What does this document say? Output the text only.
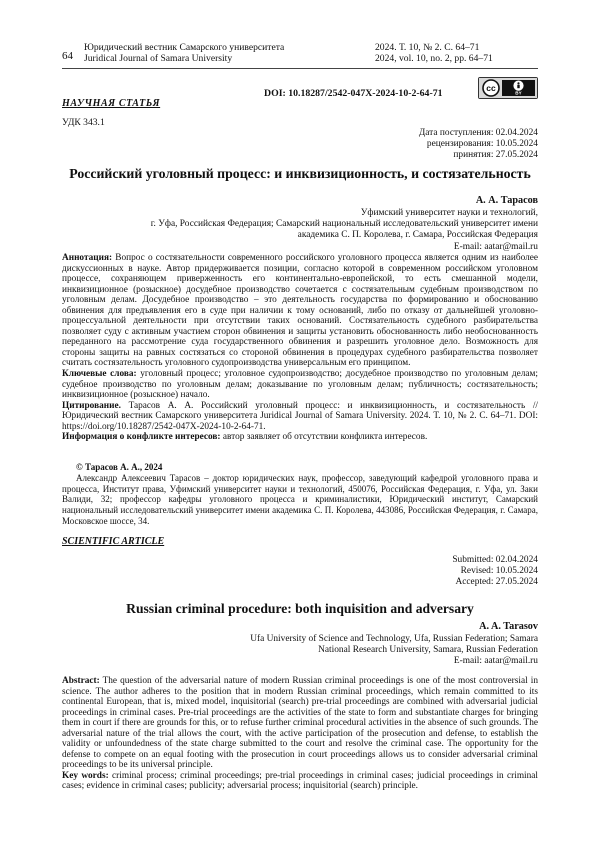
64
Юридический вестник Самарского университета
Juridical Journal of Samara University
2024. Т. 10, № 2. С. 64–71
2024, vol. 10, no. 2, pp. 64–71
НАУЧНАЯ СТАТЬЯ
DOI: 10.18287/2542-047X-2024-10-2-64-71	cc	BY
УДК 343.1
Дата поступления: 02.04.2024
рецензирования: 10.05.2024
принятия: 27.05.2024
Российский уголовный процесс: и инквизиционность, и состязательность
А. А. Тарасов
Уфимский университет науки и технологий,
г. Уфа, Российская Федерация; Самарский национальный исследовательский университет имени
академика С. П. Королева, г. Самара, Российская Федерация
E-mail: aatar@mail.ru

Аннотация: Вопрос о состязательности современного российского уголовного процесса является одним из наиболее дискуссионных в науке. Автор придерживается позиции, согласно которой в современном российском уголовном процессе, сохраняющем приверженность его континентально-европейской, то есть смешанной модели, инквизиционное (розыскное) досудебное производство сочетается с состязательным судебным производством по уголовным делам. Досудебное производство – это деятельность государства по формированию и обоснованию обвинения для предъявления его в суде при наличии к тому оснований, либо по отказу от дальнейшей уголовно-процессуальной деятельности при отсутствии таких оснований. Состязательность судебного разбирательства позволяет суду с активным участием сторон обвинения и защиты установить обоснованность либо необоснованность переданного на рассмотрение суда государственного обвинения и разрешить уголовное дело. Возможность для стороны защиты на равных состязаться со стороной обвинения в процедурах судебного разбирательства позволяет считать состязательность уголовного судопроизводства универсальным его принципом.

Ключевые слова: уголовный процесс; уголовное судопроизводство; досудебное производство по уголовным делам; судебное производство по уголовным делам; доказывание по уголовным делам; публичность; состязательность; инквизиционное (розыскное) начало.

Цитирование. Тарасов А. А. Российский уголовный процесс: и инквизиционность, и состязательность // Юридический вестник Самарского университета Juridical Journal of Samara University. 2024. Т. 10, № 2. С. 64–71. DOI: https://doi.org/10.18287/2542-047X-2024-10-2-64-71.

Информация о конфликте интересов: автор заявляет об отсутствии конфликта интересов.

© Тарасов А. А., 2024
Александр Алексеевич Тарасов – доктор юридических наук, профессор, заведующий кафедрой уголовного права и процесса, Институт права, Уфимский университет науки и технологий, 450076, Российская Федерация, г. Уфа, ул. Заки Валиди, 32; профессор кафедры уголовного процесса и криминалистики, Юридический институт, Самарский национальный исследовательский университет имени академика С. П. Королева, 443086, Российская Федерация, г. Самара, Московское шоссе, 34.
SCIENTIFIC ARTICLE
Submitted: 02.04.2024
Revised: 10.05.2024
Accepted: 27.05.2024
Russian criminal procedure: both inquisition and adversary
A. A. Tarasov
Ufa University of Science and Technology, Ufa, Russian Federation; Samara
National Research University, Samara, Russian Federation
E-mail: aatar@mail.ru

Abstract: The question of the adversarial nature of modern Russian criminal proceedings is one of the most controversial in science. The author adheres to the position that in modern Russian criminal proceedings, which remain committed to its continental European, that is, mixed model, inquisitorial (search) pre-trial proceedings are combined with adversarial judicial proceedings in criminal cases. Pre-trial proceedings are the activities of the state to form and substantiate charges for bringing them in court if there are grounds for this, or to refuse further criminal procedural activities in the absence of such grounds. The adversarial nature of the trial allows the court, with the active participation of the prosecution and defense, to establish the validity or unfoundedness of the state charge submitted to the court and resolve the criminal case. The opportunity for the defense to compete on an equal footing with the prosecution in court proceedings allows us to consider adversarial criminal proceedings to be its universal principle.

Key words: criminal process; criminal proceedings; pre-trial proceedings in criminal cases; judicial proceedings in criminal cases; evidence in criminal cases; publicity; adversarial process; inquisitorial (search) principle.
